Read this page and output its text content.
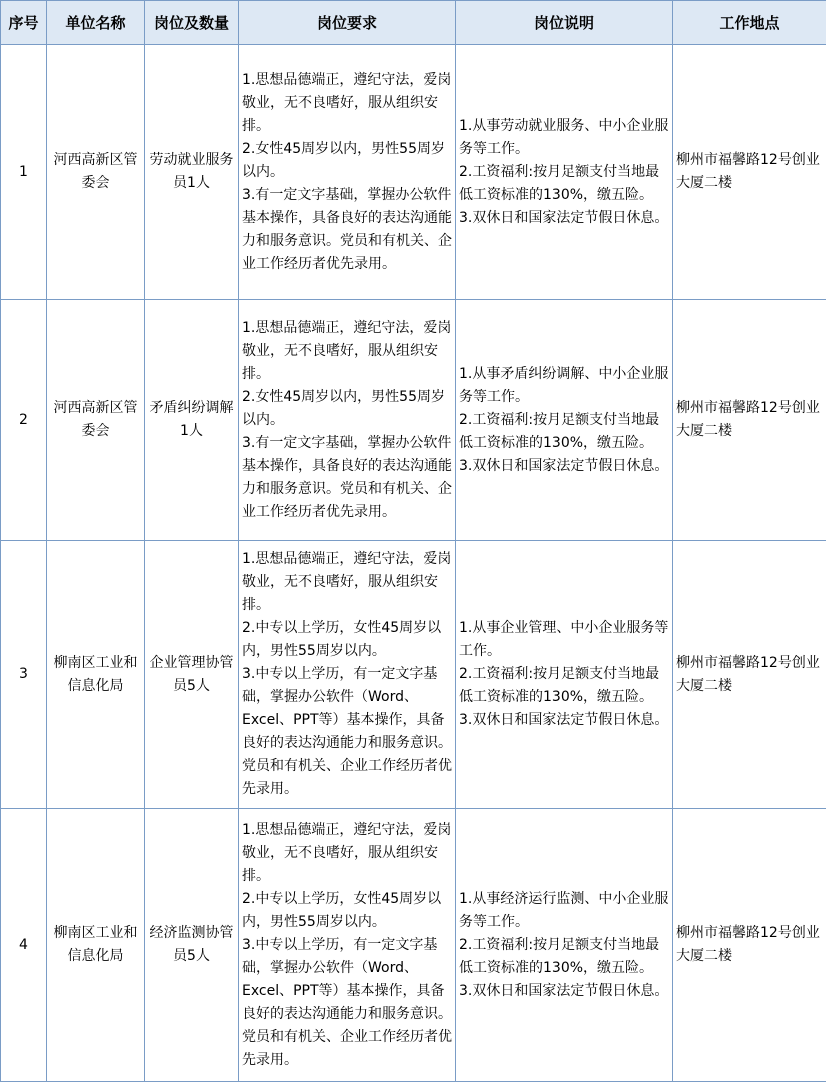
序号	单位名称	岗位及数量	岗位要求	岗位说明	工作地点
1	河西高新区管委会	劳动就业服务员1人	1.思想品德端正，遵纪守法，爱岗敬业，无不良嗜好，服从组织安排。
2.女性45周岁以内，男性55周岁以内。
3.有一定文字基础，掌握办公软件基本操作，具备良好的表达沟通能力和服务意识。党员和有机关、企业工作经历者优先录用。	1.从事劳动就业服务、中小企业服务等工作。
2.工资福利:按月足额支付当地最低工资标准的130%，缴五险。
3.双休日和国家法定节假日休息。	柳州市福馨路12号创业大厦二楼
2	河西高新区管委会	矛盾纠纷调解1人	1.思想品德端正，遵纪守法，爱岗敬业，无不良嗜好，服从组织安排。
2.女性45周岁以内，男性55周岁以内。
3.有一定文字基础，掌握办公软件基本操作，具备良好的表达沟通能力和服务意识。党员和有机关、企业工作经历者优先录用。	1.从事矛盾纠纷调解、中小企业服务等工作。
2.工资福利:按月足额支付当地最低工资标准的130%，缴五险。
3.双休日和国家法定节假日休息。	柳州市福馨路12号创业大厦二楼
3	柳南区工业和信息化局	企业管理协管员5人	1.思想品德端正，遵纪守法，爱岗敬业，无不良嗜好，服从组织安排。
2.中专以上学历，女性45周岁以内，男性55周岁以内。
3.中专以上学历，有一定文字基础，掌握办公软件（Word、Excel、PPT等）基本操作，具备良好的表达沟通能力和服务意识。党员和有机关、企业工作经历者优先录用。	1.从事企业管理、中小企业服务等工作。
2.工资福利:按月足额支付当地最低工资标准的130%，缴五险。
3.双休日和国家法定节假日休息。	柳州市福馨路12号创业大厦二楼
4	柳南区工业和信息化局	经济监测协管员5人	1.思想品德端正，遵纪守法，爱岗敬业，无不良嗜好，服从组织安排。
2.中专以上学历，女性45周岁以内，男性55周岁以内。
3.中专以上学历，有一定文字基础，掌握办公软件（Word、Excel、PPT等）基本操作，具备良好的表达沟通能力和服务意识。党员和有机关、企业工作经历者优先录用。	1.从事经济运行监测、中小企业服务等工作。
2.工资福利:按月足额支付当地最低工资标准的130%，缴五险。
3.双休日和国家法定节假日休息。	柳州市福馨路12号创业大厦二楼
